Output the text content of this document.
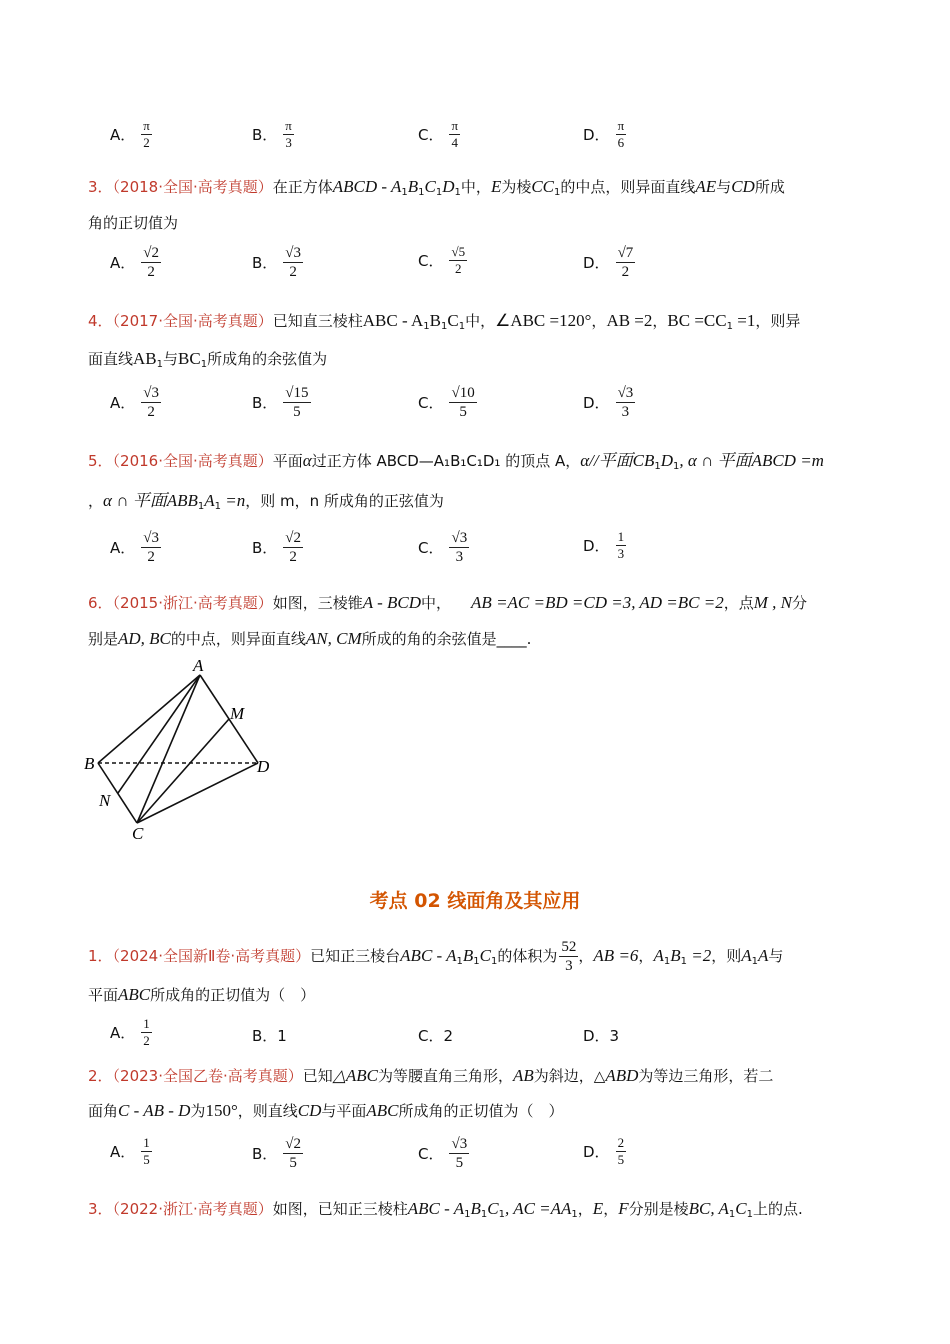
A． $\frac{\pi}{2}$	B． $\frac{\pi}{3}$	C． $\frac{\pi}{4}$	D． $\frac{\pi}{6}$
3．（2018·全国·高考真题）在正方体ABCD - $A_1B_1C_1D_1$中，E为棱$CC_1$的中点，则异面直线AE与CD所成
角的正切值为
A． $\frac{√2}{2}$	B． $\frac{√3}{2}$	C． $\frac{√5}{2}$	D． $\frac{√7}{2}$
4．（2017·全国·高考真题）已知直三棱柱ABC - $A_1B_1C_1$中，∠ABC =120°，AB =2，BC $=CC_1 =1$，则异
面直线$AB_1$与$BC_1$所成角的余弦值为
A． $\frac{√3}{2}$	B． $\frac{√15}{5}$	C． $\frac{√10}{5}$	D． $\frac{√3}{3}$
5．（2016·全国·高考真题）平面α过正方体 ABCD—A₁B₁C₁D₁ 的顶点 A，α//平面$CB_1D_1$, α ∩ 平面ABCD =m
，α ∩ 平面$ABB_1A_1 =n$，则 m，n 所成角的正弦值为
A． $\frac{√3}{2}$	B． $\frac{√2}{2}$	C． $\frac{√3}{3}$	D． $\frac{1}{3}$
6．（2015·浙江·高考真题）如图，三棱锥A - BCD中， AB =AC =BD =CD =3, AD =BC =2，点M , N分
别是AD, BC的中点，则异面直线AN, CM所成的角的余弦值是____.
A
M
B	D
N
C
考点 02 线面角及其应用
1．（2024·全国新Ⅱ卷·高考真题）已知正三棱台ABC - $A_1B_1C_1$的体积为 $\frac{52}{3}$ ，AB =6，$A_1B_1 =2$，则$A_1A$与
平面ABC所成角的正切值为（　）
A． $\frac{1}{2}$	B．1	C．2	D．3
2．（2023·全国乙卷·高考真题）已知△ABC为等腰直角三角形，AB为斜边，△ABD为等边三角形，若二
面角C - AB - D为150°，则直线CD与平面ABC所成角的正切值为（　）
A． $\frac{1}{5}$	B． $\frac{√2}{5}$	C． $\frac{√3}{5}$	D． $\frac{2}{5}$
3．（2022·浙江·高考真题）如图，已知正三棱柱ABC - $A_1B_1C_1$, AC $=AA_1$，E，F分别是棱BC, $A_1C_1$上的点.
